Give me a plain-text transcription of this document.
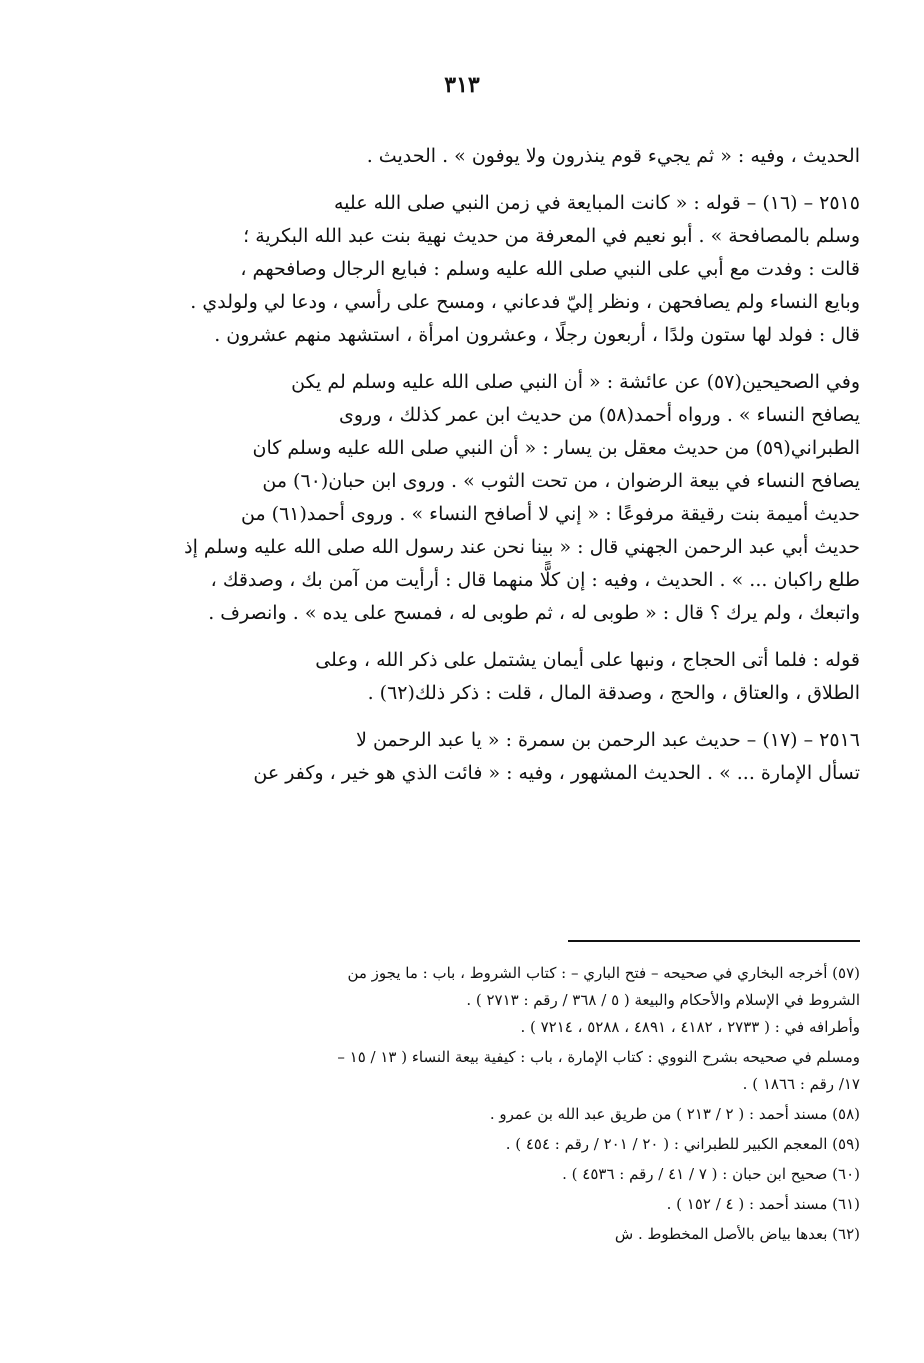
٣١٣

الحديث ، وفيه : « ثم يجيء قوم ينذرون ولا يوفون » . الحديث .

٢٥١٥ – (١٦) – قوله : « كانت المبايعة في زمن النبي صلى الله عليه
وسلم بالمصافحة » . أبو نعيم في المعرفة من حديث نهية بنت عبد الله البكرية ؛
قالت : وفدت مع أبي على النبي صلى الله عليه وسلم : فبايع الرجال وصافحهم ،
وبايع النساء ولم يصافحهن ، ونظر إليّ فدعاني ، ومسح على رأسي ، ودعا لي ولولدي .
قال : فولد لها ستون ولدًا ، أربعون رجلًا ، وعشرون امرأة ، استشهد منهم عشرون .

وفي الصحيحين(٥٧) عن عائشة : « أن النبي صلى الله عليه وسلم لم يكن
يصافح النساء » . ورواه أحمد(٥٨) من حديث ابن عمر كذلك ، وروى
الطبراني(٥٩) من حديث معقل بن يسار : « أن النبي صلى الله عليه وسلم كان
يصافح النساء في بيعة الرضوان ، من تحت الثوب » . وروى ابن حبان(٦٠) من
حديث أميمة بنت رقيقة مرفوعًا : « إني لا أصافح النساء » . وروى أحمد(٦١) من
حديث أبي عبد الرحمن الجهني قال : « بينا نحن عند رسول الله صلى الله عليه وسلم إذ
طلع راكبان ... » . الحديث ، وفيه : إن كلًّا منهما قال : أرأيت من آمن بك ، وصدقك ،
واتبعك ، ولم يرك ؟ قال : « طوبى له ، ثم طوبى له ، فمسح على يده » . وانصرف .

قوله : فلما أتى الحجاج ، ونبها على أيمان يشتمل على ذكر الله ، وعلى
الطلاق ، والعتاق ، والحج ، وصدقة المال ، قلت : ذكر ذلك(٦٢) .

٢٥١٦ – (١٧) – حديث عبد الرحمن بن سمرة : « يا عبد الرحمن لا
تسأل الإمارة ... » . الحديث المشهور ، وفيه : « فائت الذي هو خير ، وكفر عن

(٥٧) أخرجه البخاري في صحيحه – فتح الباري – : كتاب الشروط ، باب : ما يجوز من
الشروط في الإسلام والأحكام والبيعة ( ٥ / ٣٦٨ / رقم : ٢٧١٣ ) .
وأطرافه في : ( ٢٧٣٣ ، ٤١٨٢ ، ٤٨٩١ ، ٥٢٨٨ ، ٧٢١٤ ) .
ومسلم في صحيحه بشرح النووي : كتاب الإمارة ، باب : كيفية بيعة النساء ( ١٣ / ١٥ –
١٧/ رقم : ١٨٦٦ ) .
(٥٨) مسند أحمد : ( ٢ / ٢١٣ ) من طريق عبد الله بن عمرو .
(٥٩) المعجم الكبير للطبراني : ( ٢٠ / ٢٠١ / رقم : ٤٥٤ ) .
(٦٠) صحيح ابن حبان : ( ٧ / ٤١ / رقم : ٤٥٣٦ ) .
(٦١) مسند أحمد : ( ٤ / ١٥٢ ) .
(٦٢) بعدها بياض بالأصل المخطوط . ش
